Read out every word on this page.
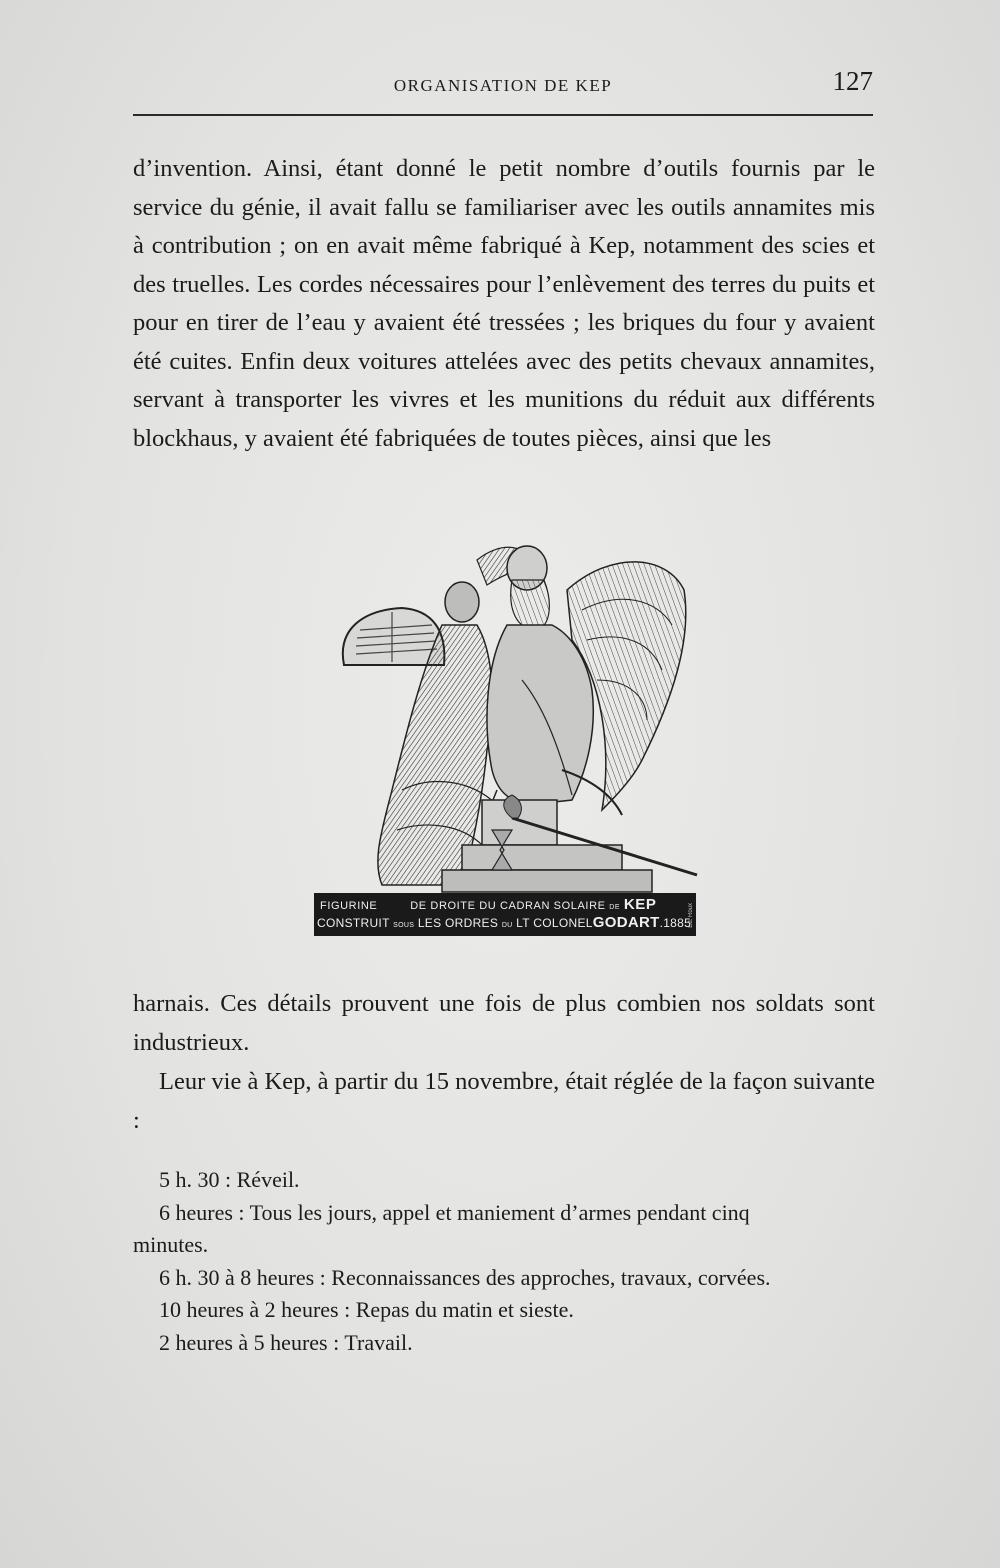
ORGANISATION DE KEP	127

d’invention. Ainsi, étant donné le petit nombre d’outils fournis par le service du génie, il avait fallu se familiariser avec les outils annamites mis à contribution ; on en avait même fabriqué à Kep, notamment des scies et des truelles. Les cordes nécessaires pour l’enlèvement des terres du puits et pour en tirer de l’eau y avaient été tressées ; les briques du four y avaient été cuites. Enfin deux voitures attelées avec des petits chevaux annamites, servant à transporter les vivres et les munitions du réduit aux différents blockhaus, y avaient été fabriquées de toutes pièces, ainsi que les

FIGURINE	DE DROITE DU CADRAN SOLAIRE DE KEP
CONSTRUIT SOUS LES ORDRES DU LT COLONELGODART.1885
Ed. Roux

harnais. Ces détails prouvent une fois de plus combien nos soldats sont industrieux.

Leur vie à Kep, à partir du 15 novembre, était réglée de la façon suivante :

5 h. 30 : Réveil.

6 heures : Tous les jours, appel et maniement d’armes pendant cinq

minutes.

6 h. 30 à 8 heures : Reconnaissances des approches, travaux, corvées.

10 heures à 2 heures : Repas du matin et sieste.

2 heures à 5 heures : Travail.
